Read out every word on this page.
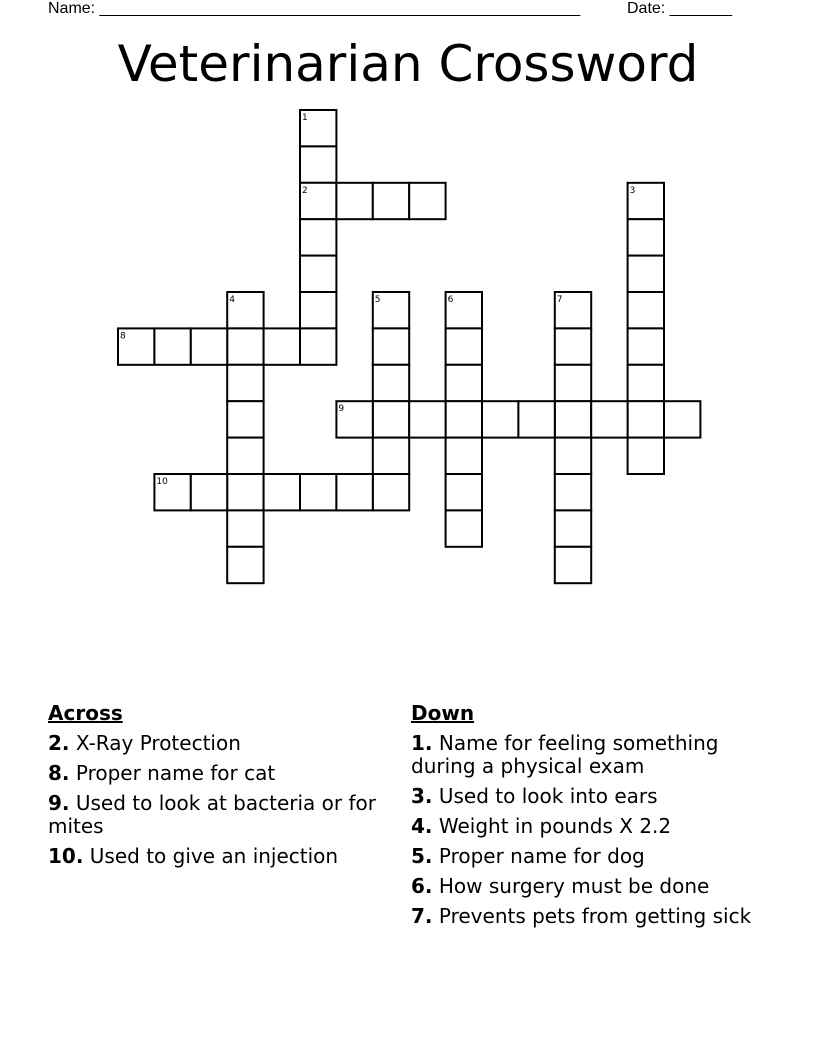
Name: ______________________________________________________	Date: _______
Veterinarian Crossword
1
2	3
4	5	6	7
8
9
10
Across
2. X-Ray Protection
8. Proper name for cat
9. Used to look at bacteria or for mites
10. Used to give an injection
Down
1. Name for feeling something during a physical exam
3. Used to look into ears
4. Weight in pounds X 2.2
5. Proper name for dog
6. How surgery must be done
7. Prevents pets from getting sick
